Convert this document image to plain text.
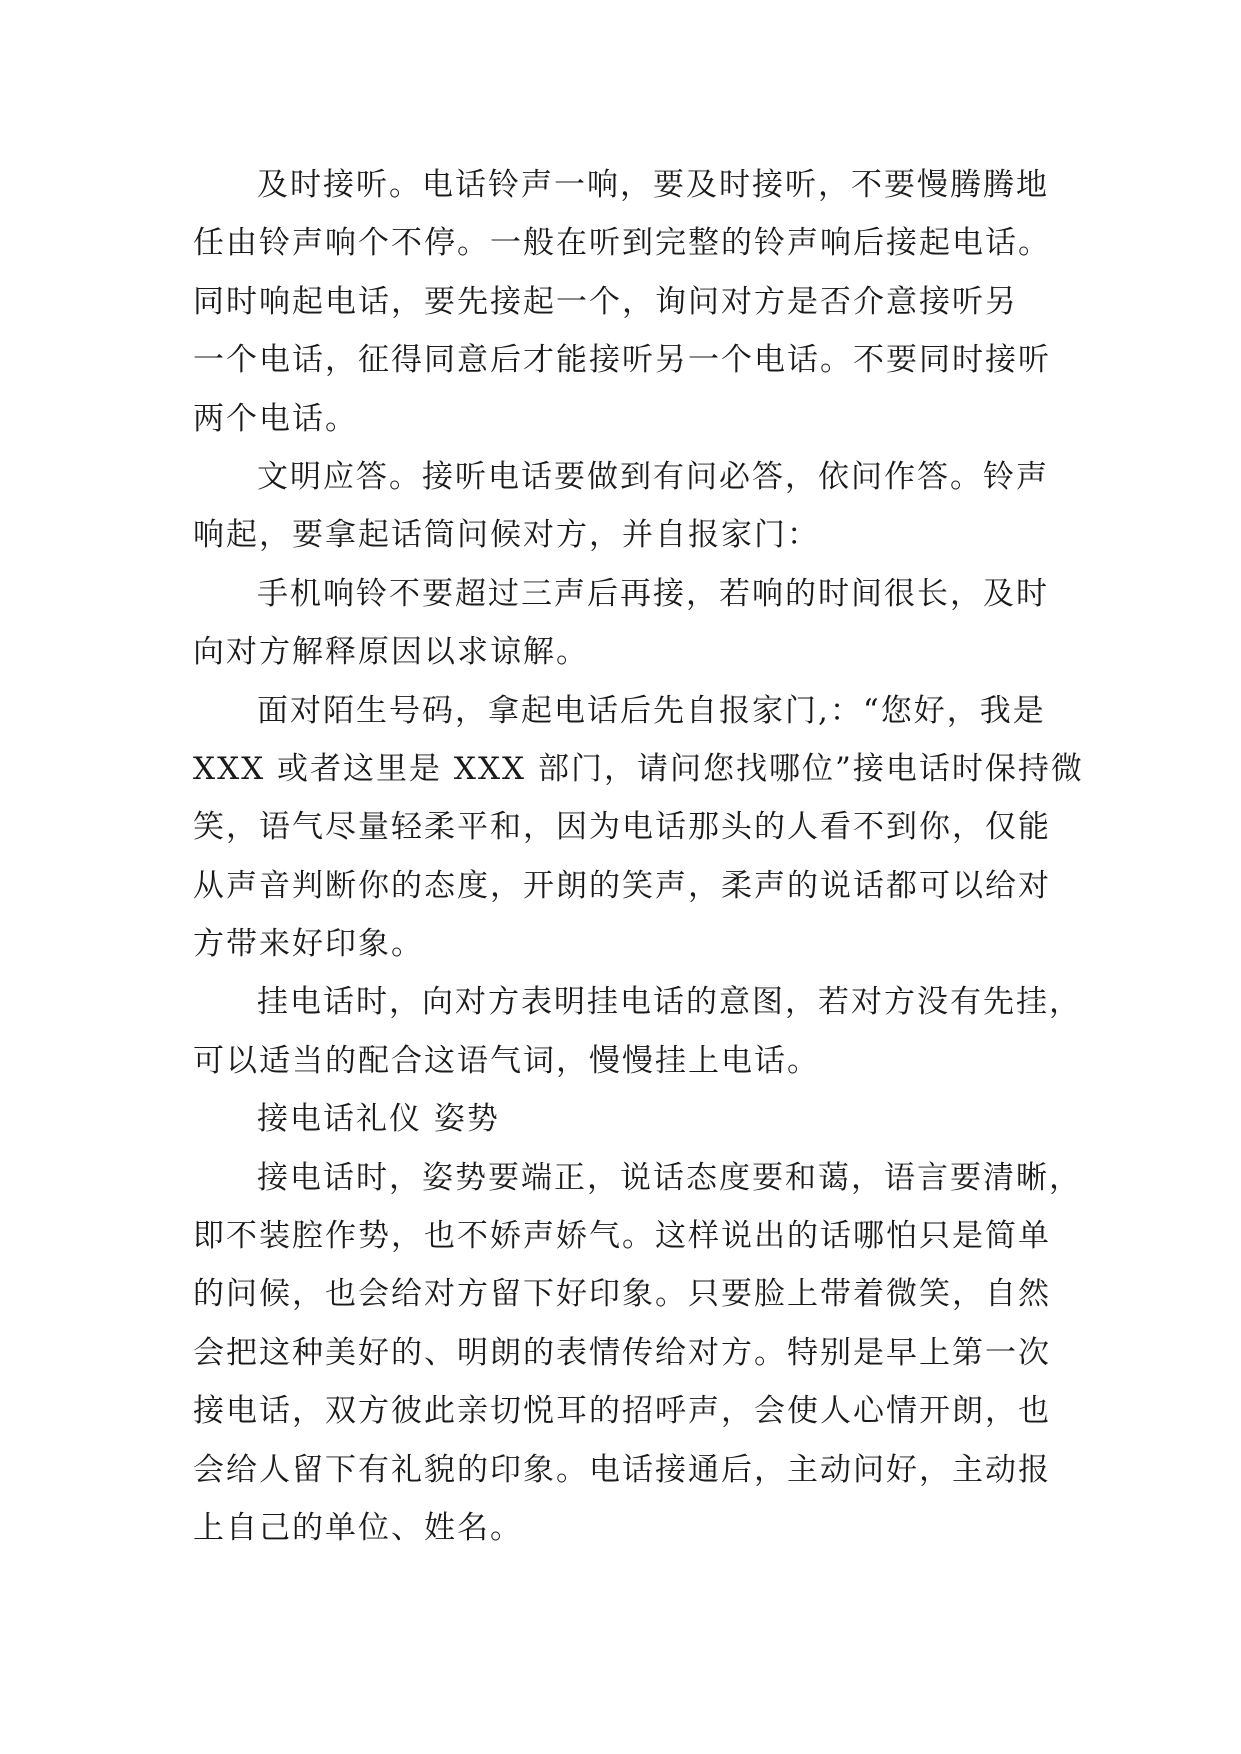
及时接听。电话铃声一响，要及时接听，不要慢腾腾地
任由铃声响个不停。一般在听到完整的铃声响后接起电话。
同时响起电话，要先接起一个，询问对方是否介意接听另
一个电话，征得同意后才能接听另一个电话。不要同时接听
两个电话。
文明应答。接听电话要做到有问必答，依问作答。铃声
响起，要拿起话筒问候对方，并自报家门：
手机响铃不要超过三声后再接，若响的时间很长，及时
向对方解释原因以求谅解。
面对陌生号码，拿起电话后先自报家门,：“您好，我是
XXX 或者这里是 XXX 部门，请问您找哪位”接电话时保持微
笑，语气尽量轻柔平和，因为电话那头的人看不到你，仅能
从声音判断你的态度，开朗的笑声，柔声的说话都可以给对
方带来好印象。
挂电话时，向对方表明挂电话的意图，若对方没有先挂，
可以适当的配合这语气词，慢慢挂上电话。
接电话礼仪 姿势
接电话时，姿势要端正，说话态度要和蔼，语言要清晰，
即不装腔作势，也不娇声娇气。这样说出的话哪怕只是简单
的问候，也会给对方留下好印象。只要脸上带着微笑，自然
会把这种美好的、明朗的表情传给对方。特别是早上第一次
接电话，双方彼此亲切悦耳的招呼声，会使人心情开朗，也
会给人留下有礼貌的印象。电话接通后，主动问好，主动报
上自己的单位、姓名。
